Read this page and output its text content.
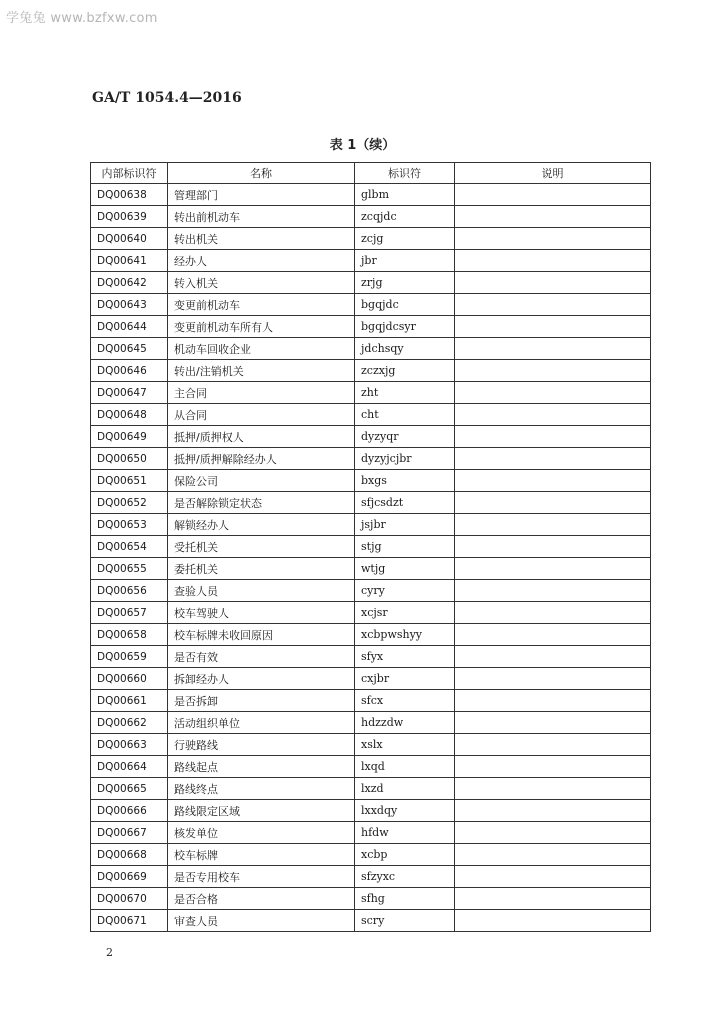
学兔兔 www.bzfxw.com
GA/T 1054.4—2016
表 1（续）
内部标识符	名称	标识符	说明
DQ00638	管理部门	glbm	
DQ00639	转出前机动车	zcqjdc	
DQ00640	转出机关	zcjg	
DQ00641	经办人	jbr	
DQ00642	转入机关	zrjg	
DQ00643	变更前机动车	bgqjdc	
DQ00644	变更前机动车所有人	bgqjdcsyr	
DQ00645	机动车回收企业	jdchsqy	
DQ00646	转出/注销机关	zczxjg	
DQ00647	主合同	zht	
DQ00648	从合同	cht	
DQ00649	抵押/质押权人	dyzyqr	
DQ00650	抵押/质押解除经办人	dyzyjcjbr	
DQ00651	保险公司	bxgs	
DQ00652	是否解除锁定状态	sfjcsdzt	
DQ00653	解锁经办人	jsjbr	
DQ00654	受托机关	stjg	
DQ00655	委托机关	wtjg	
DQ00656	查验人员	cyry	
DQ00657	校车驾驶人	xcjsr	
DQ00658	校车标牌未收回原因	xcbpwshyy	
DQ00659	是否有效	sfyx	
DQ00660	拆卸经办人	cxjbr	
DQ00661	是否拆卸	sfcx	
DQ00662	活动组织单位	hdzzdw	
DQ00663	行驶路线	xslx	
DQ00664	路线起点	lxqd	
DQ00665	路线终点	lxzd	
DQ00666	路线限定区域	lxxdqy	
DQ00667	核发单位	hfdw	
DQ00668	校车标牌	xcbp	
DQ00669	是否专用校车	sfzyxc	
DQ00670	是否合格	sfhg	
DQ00671	审查人员	scry	
2
